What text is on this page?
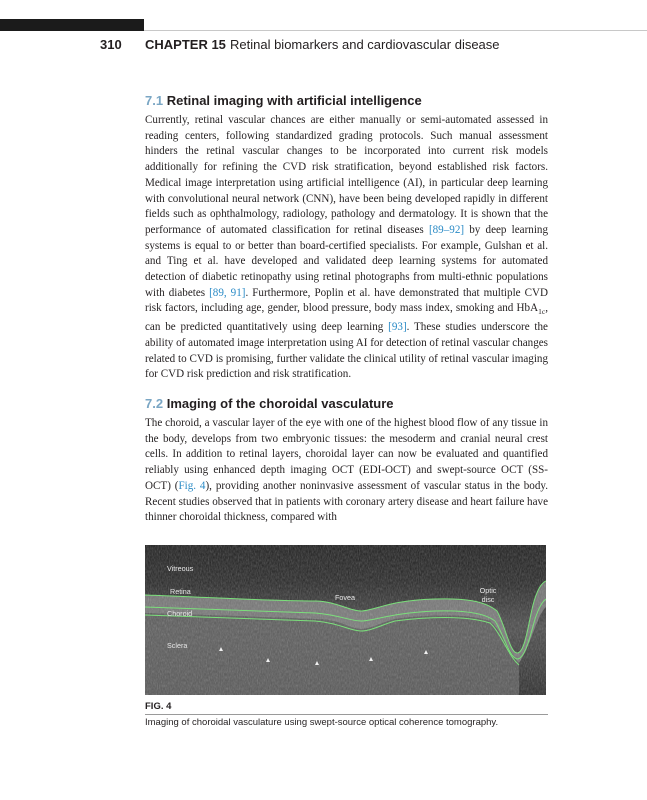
310 CHAPTER 15 Retinal biomarkers and cardiovascular disease
7.1 Retinal imaging with artificial intelligence

Currently, retinal vascular chances are either manually or semi-automated assessed in reading centers, following standardized grading protocols. Such manual assessment hinders the retinal vascular changes to be incorporated into current risk models additionally for refining the CVD risk stratification, beyond established risk factors. Medical image interpretation using artificial intelligence (AI), in particular deep learning with convolutional neural network (CNN), have been being developed rapidly in different fields such as ophthalmology, radiology, pathology and dermatology. It is shown that the performance of automated classification for retinal diseases [89–92] by deep learning systems is equal to or better than board-certified specialists. For example, Gulshan et al. and Ting et al. have developed and validated deep learning systems for automated detection of diabetic retinopathy using retinal photographs from multi-ethnic populations with diabetes [89, 91]. Furthermore, Poplin et al. have demonstrated that multiple CVD risk factors, including age, gender, blood pressure, body mass index, smoking and HbA$_{1c}$, can be predicted quantitatively using deep learning [93]. These studies underscore the ability of automated image interpretation using AI for detection of retinal vascular changes related to CVD is promising, further validate the clinical utility of retinal vascular imaging for CVD risk prediction and risk stratification.

7.2 Imaging of the choroidal vasculature

The choroid, a vascular layer of the eye with one of the highest blood flow of any tissue in the body, develops from two embryonic tissues: the mesoderm and cranial neural crest cells. In addition to retinal layers, choroidal layer can now be evaluated and quantified reliably using enhanced depth imaging OCT (EDI-OCT) and swept-source OCT (SS-OCT) (Fig. 4), providing another noninvasive assessment of vascular status in the body. Recent studies observed that in patients with coronary artery disease and heart failure have thinner choroidal thickness, compared with

Vitreous
Retina
Choroid
Sclera
Fovea
Optic disc
FIG. 4
Imaging of choroidal vasculature using swept-source optical coherence tomography.
